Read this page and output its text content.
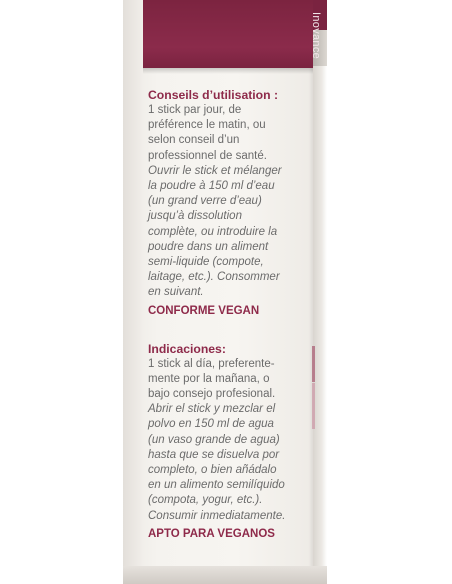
Inovance

Conseils d’utilisation :

1 stick par jour, de
préférence le matin, ou
selon conseil d’un
professionnel de santé.

Ouvrir le stick et mélanger
la poudre à 150 ml d’eau
(un grand verre d’eau)
jusqu’à dissolution
complète, ou introduire la
poudre dans un aliment
semi-liquide (compote,
laitage, etc.). Consommer
en suivant.

CONFORME VEGAN

Indicaciones:

1 stick al día, preferente-
mente por la mañana, o
bajo consejo profesional.

Abrir el stick y mezclar el
polvo en 150 ml de agua
(un vaso grande de agua)
hasta que se disuelva por
completo, o bien añádalo
en un alimento semilíquido
(compota, yogur, etc.).
Consumir inmediatamente.

APTO PARA VEGANOS
